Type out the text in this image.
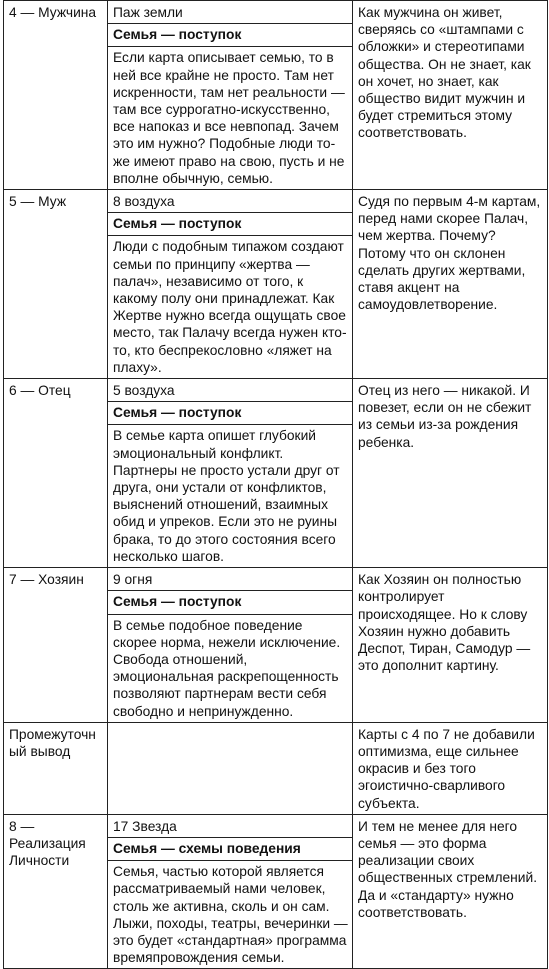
4 — Мужчина	Паж земли
Семья — поступок
Если карта описывает семью, то в ней все крайне не просто. Там нет искренности, там нет реальности — там все суррогатно-искусственно, все напоказ и все невпопад. Зачем это им нужно? Подобные люди то-же имеют право на свою, пусть и не вполне обычную, семью.	Как мужчина он живет, сверяясь со «штампами с обложки» и стереотипами общества. Он не знает, как он хочет, но знает, как общество видит мужчин и будет стремиться этому соответствовать.
5 — Муж	8 воздуха
Семья — поступок
Люди с подобным типажом создают семьи по принципу «жертва — палач», независимо от того, к какому полу они принадлежат. Как Жертве нужно всегда ощущать свое место, так Палачу всегда нужен кто-то, кто беспрекословно «ляжет на плаху».	Судя по первым 4-м картам, перед нами скорее Палач, чем жертва. Почему? Потому что он склонен сделать других жертвами, ставя акцент на самоудовлетворение.
6 — Отец	5 воздуха
Семья — поступок
В семье карта опишет глубокий эмоциональный конфликт. Партнеры не просто устали друг от друга, они устали от конфликтов, выяснений отношений, взаимных обид и упреков. Если это не руины брака, то до этого состояния всего несколько шагов.	Отец из него — никакой. И повезет, если он не сбежит из семьи из-за рождения ребенка.
7 — Хозяин	9 огня
Семья — поступок
В семье подобное поведение скорее норма, нежели исключение. Свобода отношений, эмоциональная раскрепощенность позволяют партнерам вести себя свободно и непринужденно.	Как Хозяин он полностью контролирует происходящее. Но к слову Хозяин нужно добавить Деспот, Тиран, Самодур — это дополнит картину.
Промежуточный вывод		Карты с 4 по 7 не добавили оптимизма, еще сильнее окрасив и без того эгоистично-сварливого субъекта.
8 — Реализация Личности	17 Звезда
Семья — схемы поведения
Семья, частью которой является рассматриваемый нами человек, столь же активна, сколь и он сам. Лыжи, походы, театры, вечеринки — это будет «стандартная» программа времяпровождения семьи.	И тем не менее для него семья — это форма реализации своих общественных стремлений. Да и «стандарту» нужно соответствовать.
